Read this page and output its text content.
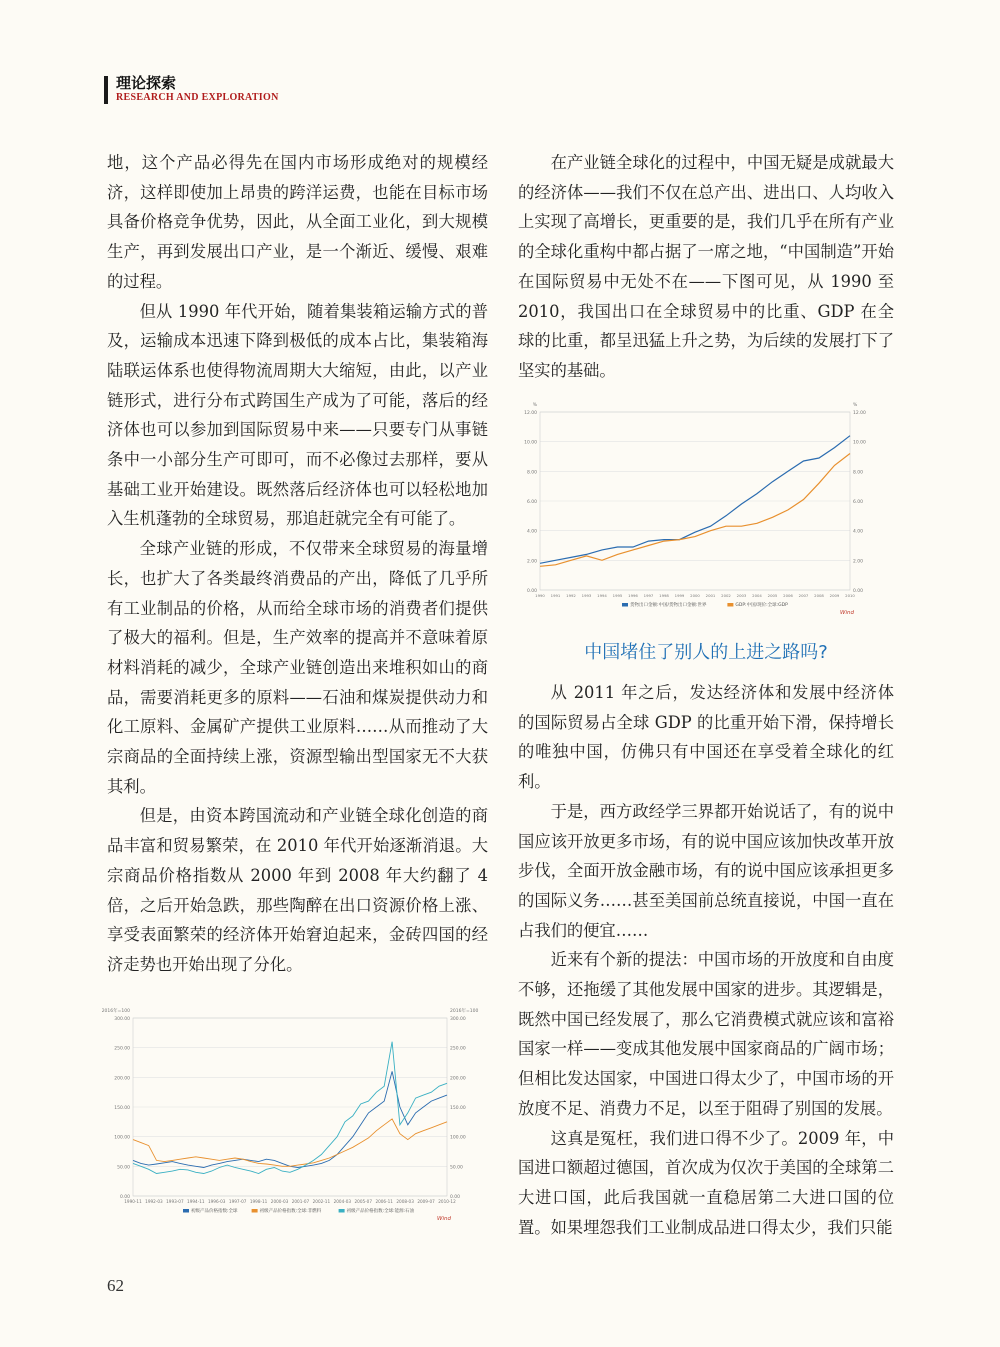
理论探索
RESEARCH AND EXPLORATION

地，这个产品必得先在国内市场形成绝对的规模经济，这样即使加上昂贵的跨洋运费，也能在目标市场具备价格竞争优势，因此，从全面工业化，到大规模生产，再到发展出口产业，是一个渐近、缓慢、艰难的过程。

但从 1990 年代开始，随着集装箱运输方式的普及，运输成本迅速下降到极低的成本占比，集装箱海陆联运体系也使得物流周期大大缩短，由此，以产业链形式，进行分布式跨国生产成为了可能，落后的经济体也可以参加到国际贸易中来——只要专门从事链条中一小部分生产可即可，而不必像过去那样，要从基础工业开始建设。既然落后经济体也可以轻松地加入生机蓬勃的全球贸易，那追赶就完全有可能了。

全球产业链的形成，不仅带来全球贸易的海量增长，也扩大了各类最终消费品的产出，降低了几乎所有工业制品的价格，从而给全球市场的消费者们提供了极大的福利。但是，生产效率的提高并不意味着原材料消耗的减少，全球产业链创造出来堆积如山的商品，需要消耗更多的原料——石油和煤炭提供动力和化工原料、金属矿产提供工业原料……从而推动了大宗商品的全面持续上涨，资源型输出型国家无不大获其利。

但是，由资本跨国流动和产业链全球化创造的商品丰富和贸易繁荣，在 2010 年代开始逐渐消退。大宗商品价格指数从 2000 年到 2008 年大约翻了 4 倍，之后开始急跌，那些陶醉在出口资源价格上涨、享受表面繁荣的经济体开始窘迫起来，金砖四国的经济走势也开始出现了分化。

在产业链全球化的过程中，中国无疑是成就最大的经济体——我们不仅在总产出、进出口、人均收入上实现了高增长，更重要的是，我们几乎在所有产业的全球化重构中都占据了一席之地，“中国制造”开始在国际贸易中无处不在——下图可见，从 1990 至 2010，我国出口在全球贸易中的比重、GDP 在全球的比重，都呈迅猛上升之势，为后续的发展打下了坚实的基础。

0.00	0.00
2.00	2.00
4.00	4.00
6.00	6.00
8.00	8.00
10.00	10.00
12.00	12.00
%	%
1990 1991 1992 1993 1994 1995 1996 1997 1998 1999 2000 2001 2002 2003 2004 2005 2006 2007 2008 2009 2010
货物出口金额:中国/货物出口金额:世界	GDP:中国/现价:全球:GDP
Wind
中国堵住了别人的上进之路吗?

从 2011 年之后，发达经济体和发展中经济体的国际贸易占全球 GDP 的比重开始下滑，保持增长的唯独中国，仿佛只有中国还在享受着全球化的红利。

于是，西方政经学三界都开始说话了，有的说中国应该开放更多市场，有的说中国应该加快改革开放步伐，全面开放金融市场，有的说中国应该承担更多的国际义务……甚至美国前总统直接说，中国一直在占我们的便宜……

近来有个新的提法：中国市场的开放度和自由度不够，还拖缓了其他发展中国家的进步。其逻辑是，既然中国已经发展了，那么它消费模式就应该和富裕国家一样——变成其他发展中国家商品的广阔市场；但相比发达国家，中国进口得太少了，中国市场的开放度不足、消费力不足，以至于阻碍了别国的发展。

这真是冤枉，我们进口得不少了。2009 年，中国进口额超过德国，首次成为仅次于美国的全球第二大进口国，此后我国就一直稳居第二大进口国的位置。如果埋怨我们工业制成品进口得太少，我们只能

0.00	0.00
50.00	50.00
100.00	100.00
150.00	150.00
200.00	200.00
250.00	250.00
300.00	300.00
2016年=100	2016年=100
1990-11 1992-03 1993-07 1994-11 1996-03 1997-07 1998-11 2000-03 2001-07 2002-11 2004-03 2005-07 2006-11 2008-03 2009-07 2010-12
初级产品价格指数:全球	初级产品价格指数:全球:非燃料	初级产品价格指数:全球:能源:石油
Wind
62
